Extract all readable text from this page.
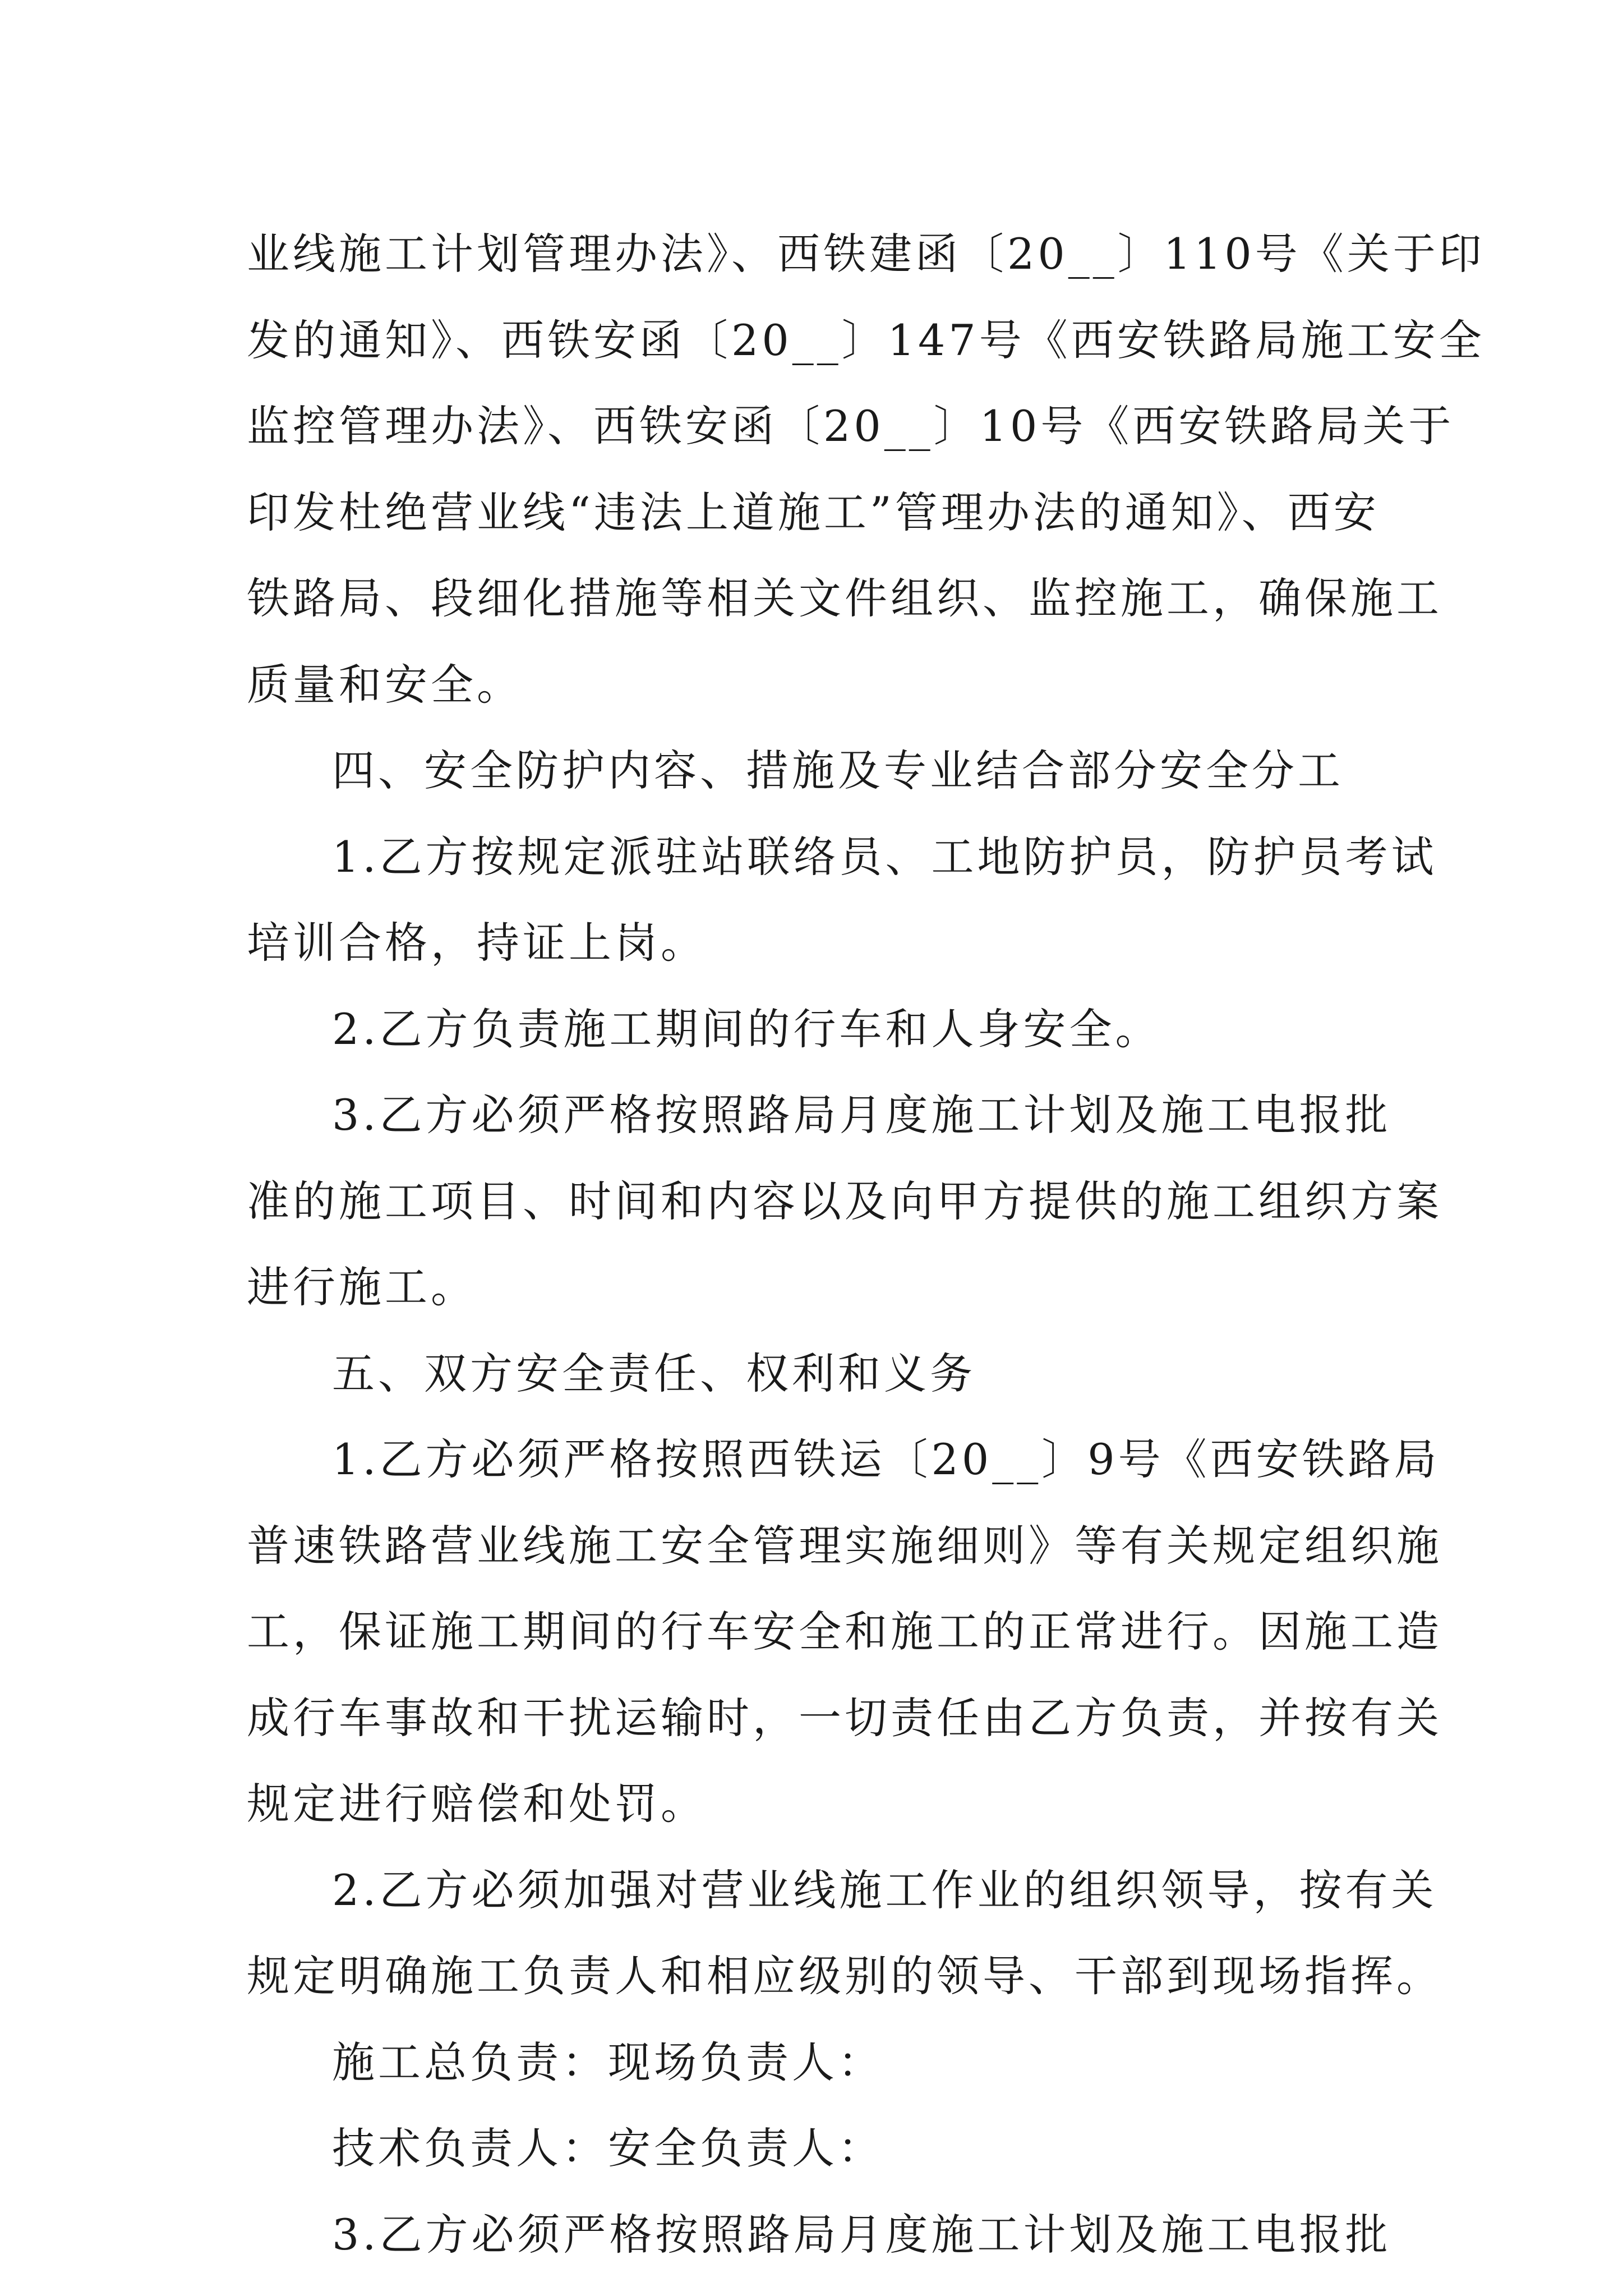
业线施工计划管理办法》、西铁建函〔20__〕110号《关于印
发的通知》、西铁安函〔20__〕147号《西安铁路局施工安全
监控管理办法》、西铁安函〔20__〕10号《西安铁路局关于
印发杜绝营业线“违法上道施工”管理办法的通知》、西安
铁路局、段细化措施等相关文件组织、监控施工，确保施工
质量和安全。
四、安全防护内容、措施及专业结合部分安全分工
1.乙方按规定派驻站联络员、工地防护员，防护员考试
培训合格，持证上岗。
2.乙方负责施工期间的行车和人身安全。
3.乙方必须严格按照路局月度施工计划及施工电报批
准的施工项目、时间和内容以及向甲方提供的施工组织方案
进行施工。
五、双方安全责任、权利和义务
1.乙方必须严格按照西铁运〔20__〕9号《西安铁路局
普速铁路营业线施工安全管理实施细则》等有关规定组织施
工，保证施工期间的行车安全和施工的正常进行。因施工造
成行车事故和干扰运输时，一切责任由乙方负责，并按有关
规定进行赔偿和处罚。
2.乙方必须加强对营业线施工作业的组织领导，按有关
规定明确施工负责人和相应级别的领导、干部到现场指挥。
施工总负责：现场负责人：
技术负责人：安全负责人：
3.乙方必须严格按照路局月度施工计划及施工电报批
